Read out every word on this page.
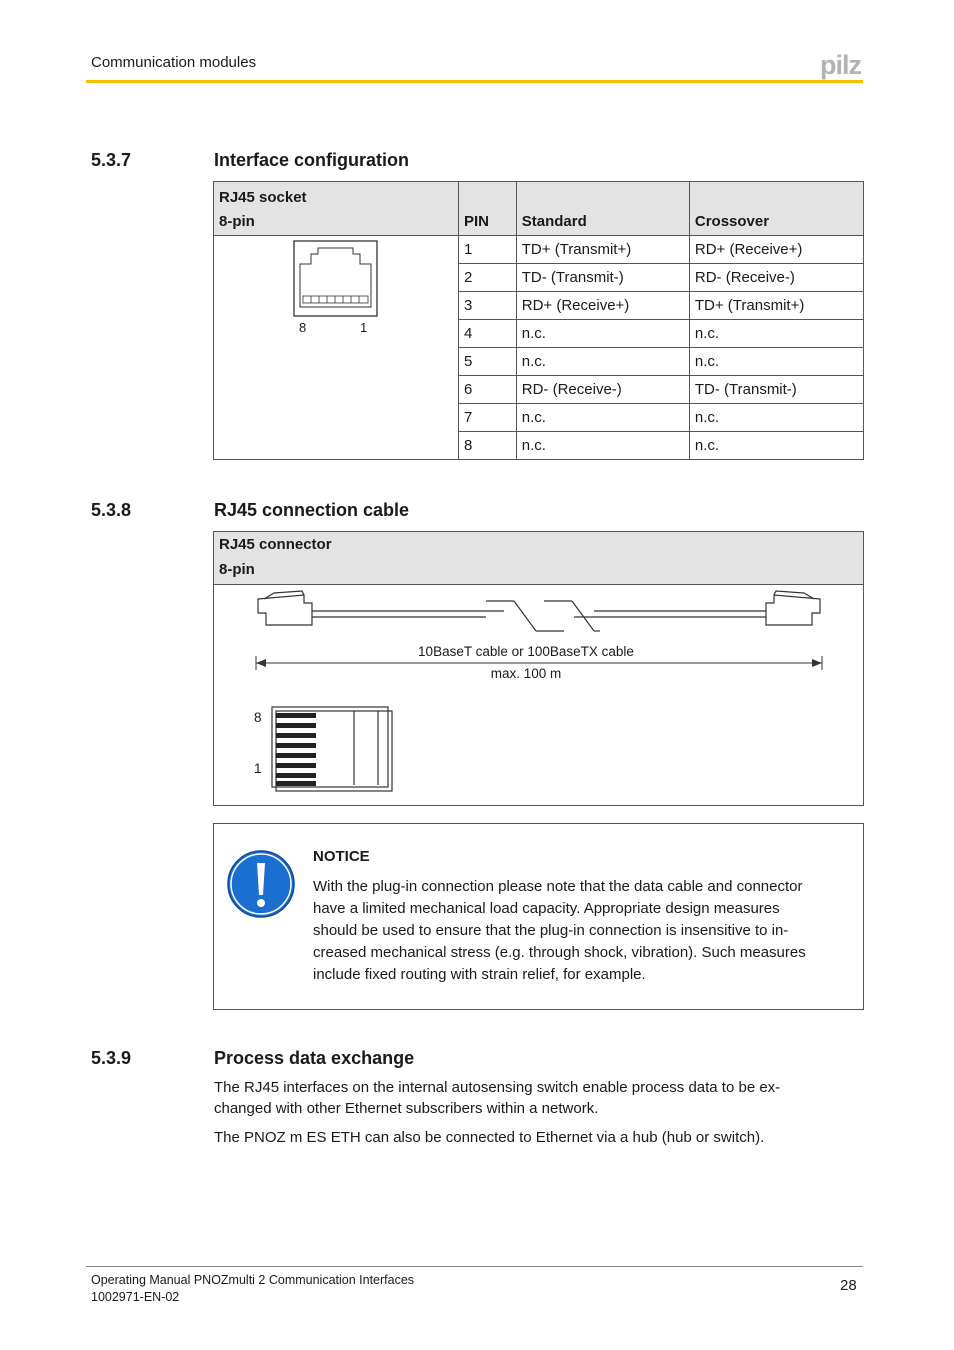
Communication modules	pilz
5.3.7	Interface configuration
RJ45 socket
8-pin	PIN	Standard	Crossover

8 1	1	TD+ (Transmit+)	RD+ (Receive+)
	2	TD- (Transmit-)	RD- (Receive-)
	3	RD+ (Receive+)	TD+ (Transmit+)
	4	n.c.	n.c.
	5	n.c.	n.c.
	6	RD- (Receive-)	TD- (Transmit-)
	7	n.c.	n.c.
	8	n.c.	n.c.
5.3.8	RJ45 connection cable
RJ45 connector
8-pin
10BaseT cable or 100BaseTX cable
max. 100 m
8
1
NOTICE
With the plug-in connection please note that the data cable and connector
have a limited mechanical load capacity. Appropriate design measures
should be used to ensure that the plug-in connection is insensitive to in-
creased mechanical stress (e.g. through shock, vibration). Such measures
include fixed routing with strain relief, for example.
5.3.9	Process data exchange
The RJ45 interfaces on the internal autosensing switch enable process data to be ex-
changed with other Ethernet subscribers within a network.
The PNOZ m ES ETH can also be connected to Ethernet via a hub (hub or switch).
Operating Manual PNOZmulti 2 Communication Interfaces
1002971-EN-02
28
